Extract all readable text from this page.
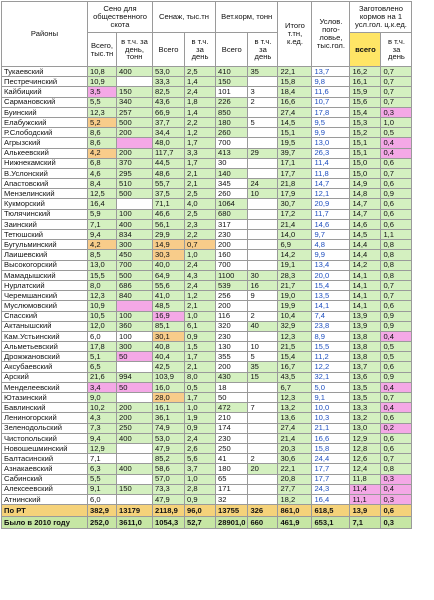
Районы	Сено для общественного скота		Сенаж, тыс.тн		Вет.корм, тонн		Итого т.тн, к.ед.	Услов. пого-ловье, тыс.гол.	Заготовлено кормов на 1 усл.гол. ц.к.ед.	
	Всего, тыс.тн	в т.ч. за день, тонн	Всего	в т.ч. за день	Всего	в т.ч. за день			всего	в т.ч. за день
Тукаевский	10,8	400	53,0	2,5	410	35	22,1	13,7	16,2	0,7
Пестречинский	10,9		33,3	1,4	150		15,8	9,8	16,1	0,7
Кайбицкий	3,5	150	82,5	2,4	101	3	18,4	11,6	15,9	0,7
Сармановский	5,5	340	43,6	1,8	226	2	16,6	10,7	15,6	0,7
Буинский	12,3	257	66,9	1,4	850		27,4	17,8	15,4	0,3
Елабужский	5,2	500	37,7	2,2	180	5	14,5	9,5	15,3	1,0
Р.Слободский	8,6	200	34,4	1,2	260		15,1	9,9	15,2	0,5
Агрызский	8,6		48,0	1,7	700		19,5	13,0	15,1	0,4
Алькеевский	4,2	200	117,7	3,3	413	29	39,7	26,3	15,1	0,4
Нижнекамский	6,8	370	44,5	1,7	30		17,1	11,4	15,0	0,6
В.Услонский	4,6	295	48,6	2,1	140		17,7	11,8	15,0	0,7
Апастовский	8,4	510	55,7	2,1	345	24	21,8	14,7	14,9	0,6
Мензелинский	12,5	500	37,5	2,5	260	10	17,9	12,1	14,8	0,9
Кукморский	16,4		71,1	4,0	1064		30,7	20,9	14,7	0,6
Тюлячинский	5,9	100	46,6	2,5	680		17,2	11,7	14,7	0,6
Заинский	7,1	400	56,1	2,3	317		21,4	14,6	14,6	0,6
Тетюшский	9,4	834	29,9	2,2	230		14,0	9,7	14,5	1,1
Бугульминский	4,2	300	14,9	0,7	200		6,9	4,8	14,4	0,8
Лаишевский	8,5	450	30,3	1,0	160		14,2	9,9	14,4	0,8
Высокогорский	13,0	700	40,0	2,4	700		19,1	13,4	14,2	0,8
Мамадышский	15,5	500	64,9	4,3	1100	30	28,3	20,0	14,1	0,8
Нурлатский	8,0	686	55,6	2,4	539	16	21,7	15,4	14,1	0,7
Черемшанский	12,3	840	41,0	1,2	256	9	19,0	13,5	14,1	0,7
Муслюмовский	10,9		48,5	2,1	200		19,9	14,1	14,1	0,6
Спасский	10,5	100	16,9	1,0	116	2	10,4	7,4	13,9	0,9
Актанышский	12,0	360	85,1	6,1	320	40	32,9	23,8	13,9	0,9
Кам.Устьинский	6,0	100	30,1	0,9	230		12,3	8,9	13,8	0,4
Альметьевский	17,8	300	40,8	1,5	130	10	21,5	15,5	13,8	0,5
Дрожжановский	5,1	50	40,4	1,7	355	5	15,4	11,2	13,8	0,5
Аксубаевский	6,5		42,5	2,1	200	35	16,7	12,2	13,7	0,6
Арский	21,6	994	103,9	8,0	430	15	43,5	32,1	13,6	0,9
Менделеевский	3,4	50	16,0	0,5	18		6,7	5,0	13,5	0,4
Ютазинский	9,0		28,0	1,7	50		12,3	9,1	13,5	0,7
Бавлинский	10,2	200	16,1	1,0	472	7	13,2	10,0	13,3	0,4
Лениногорский	4,3	200	36,1	1,9	210		13,6	10,3	13,2	0,6
Зеленодольский	7,3	250	74,9	0,9	174		27,4	21,1	13,0	0,2
Чистопольский	9,4	400	53,0	2,4	230		21,4	16,6	12,9	0,6
Новошешминский	12,9		47,9	2,6	250		20,3	15,8	12,8	0,6
Балтасинский	7,1		85,2	5,6	41	2	30,6	24,4	12,6	0,7
Азнакаевский	6,3	400	58,6	3,7	180	20	22,1	17,7	12,4	0,8
Сабинский	5,5		57,0	1,0	65		20,8	17,7	11,8	0,3
Алексеевский	9,1	150	73,3	2,8	171		27,7	24,3	11,4	0,4
Атнинский	6,0		47,9	0,9	32		18,2	16,4	11,1	0,3
По РТ	382,9	13179	2118,9	96,0	13755	326	861,0	618,5	13,9	0,6
Было в 2010 году	252,0	3611,0	1054,3	52,7	28901,0	660	461,9	653,1	7,1	0,3
